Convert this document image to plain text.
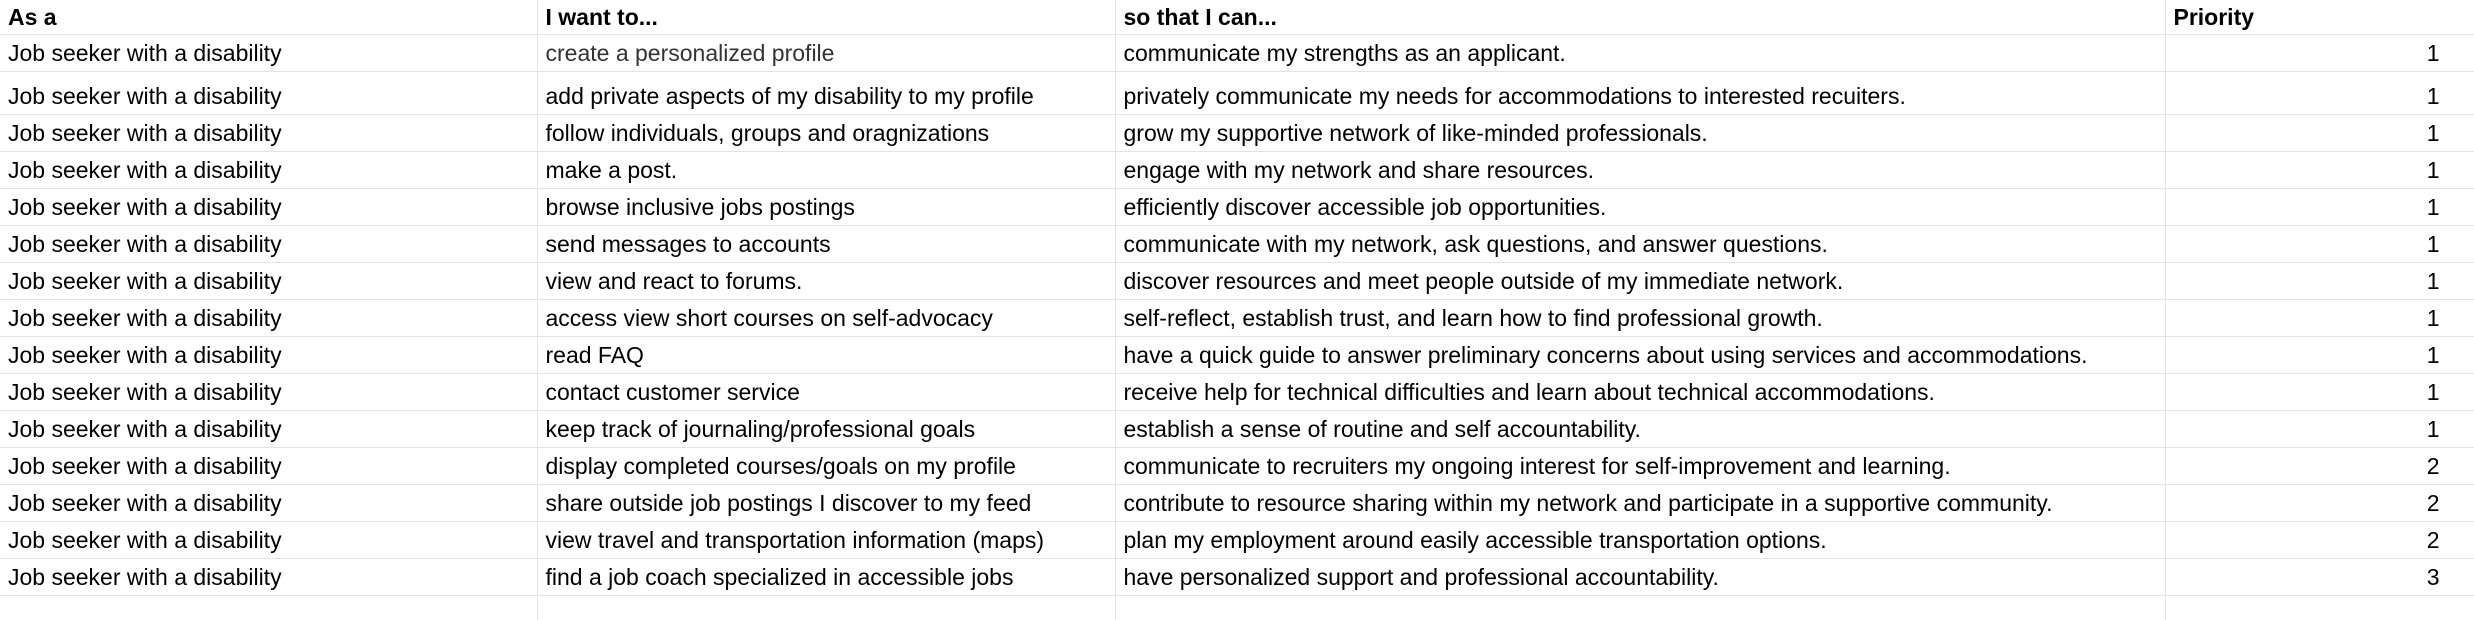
As a	I want to...	so that I can...	Priority
Job seeker with a disability	create a personalized profile	communicate my strengths as an applicant.	1
Job seeker with a disability	add private aspects of my disability to my profile	privately communicate my needs for accommodations to interested recuiters.	1
Job seeker with a disability	follow individuals, groups and oragnizations	grow my supportive network of like-minded professionals.	1
Job seeker with a disability	make a post.	engage with my network and share resources.	1
Job seeker with a disability	browse inclusive jobs postings	efficiently discover accessible job opportunities.	1
Job seeker with a disability	send messages to accounts	communicate with my network, ask questions, and answer questions.	1
Job seeker with a disability	view and react to forums.	discover resources and meet people outside of my immediate network.	1
Job seeker with a disability	access view short courses on self-advocacy	self-reflect, establish trust, and learn how to find professional growth.	1
Job seeker with a disability	read FAQ	have a quick guide to answer preliminary concerns about using services and accommodations.	1
Job seeker with a disability	contact customer service	receive help for technical difficulties and learn about technical accommodations.	1
Job seeker with a disability	keep track of journaling/professional goals	establish a sense of routine and self accountability.	1
Job seeker with a disability	display completed courses/goals on my profile	communicate to recruiters my ongoing interest for self-improvement and learning.	2
Job seeker with a disability	share outside job postings I discover to my feed	contribute to resource sharing within my network and participate in a supportive community.	2
Job seeker with a disability	view travel and transportation information (maps)	plan my employment around easily accessible transportation options.	2
Job seeker with a disability	find a job coach specialized in accessible jobs	have personalized support and professional accountability.	3
